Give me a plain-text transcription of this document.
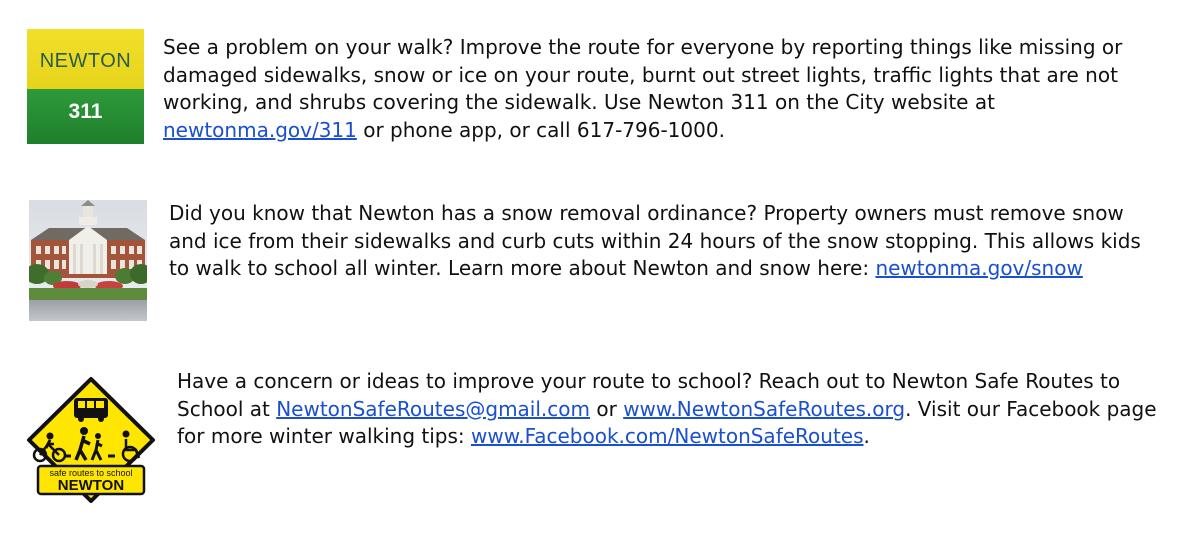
NEWTON
311
See a problem on your walk? Improve the route for everyone by reporting things like missing or damaged sidewalks, snow or ice on your route, burnt out street lights, traffic lights that are not working, and shrubs covering the sidewalk. Use Newton 311 on the City website at newtonma.gov/311 or phone app, or call 617-796-1000.
Did you know that Newton has a snow removal ordinance? Property owners must remove snow and ice from their sidewalks and curb cuts within 24 hours of the snow stopping. This allows kids to walk to school all winter. Learn more about Newton and snow here: newtonma.gov/snow
safe routes to school
NEWTON
Have a concern or ideas to improve your route to school? Reach out to Newton Safe Routes to School at NewtonSafeRoutes@gmail.com or www.NewtonSafeRoutes.org. Visit our Facebook page for more winter walking tips: www.Facebook.com/NewtonSafeRoutes.
